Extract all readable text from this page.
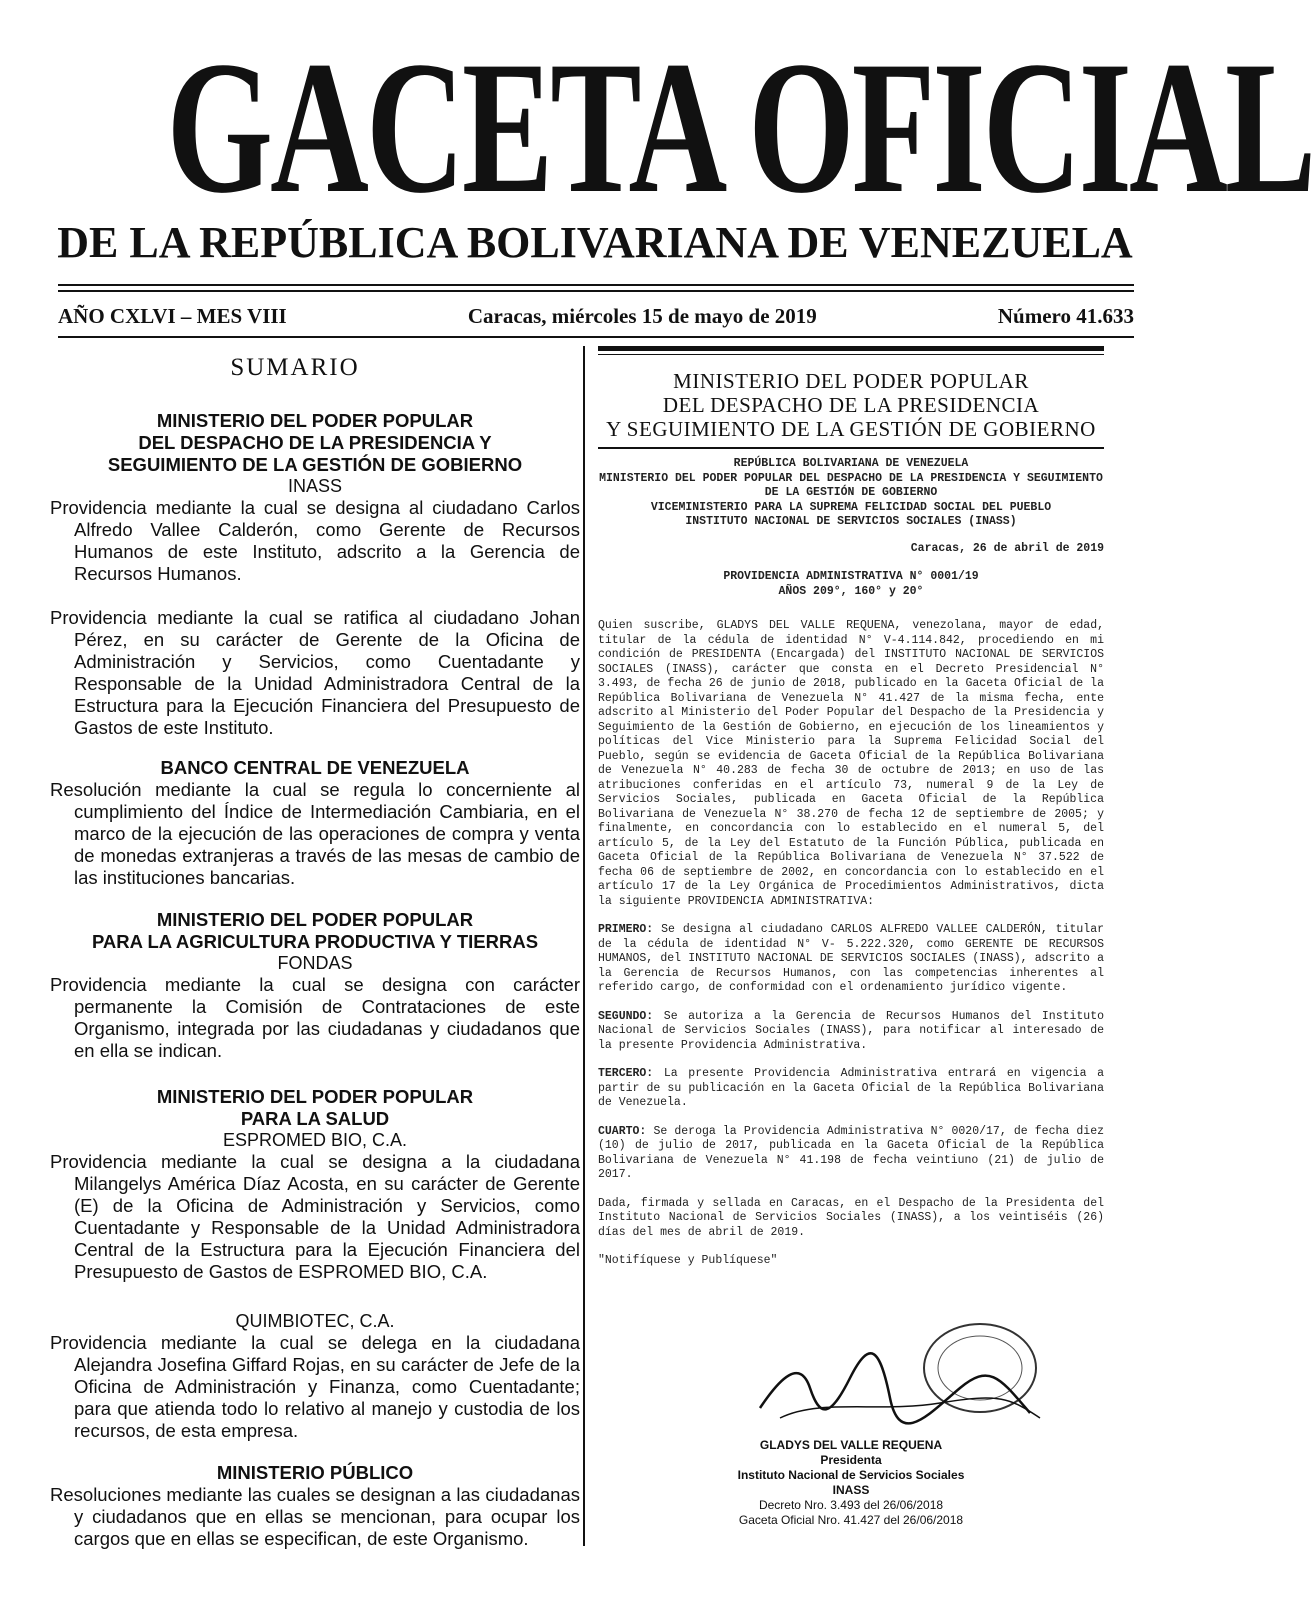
GACETA OFICIAL
DE LA REPÚBLICA BOLIVARIANA DE VENEZUELA
AÑO CXLVI – MES VIII	Caracas, miércoles 15 de mayo de 2019	Número 41.633
SUMARIO
MINISTERIO DEL PODER POPULAR
DEL DESPACHO DE LA PRESIDENCIA Y
SEGUIMIENTO DE LA GESTIÓN DE GOBIERNO
INASS

Providencia mediante la cual se designa al ciudadano Carlos Alfredo Vallee Calderón, como Gerente de Recursos Humanos de este Instituto, adscrito a la Gerencia de Recursos Humanos.

Providencia mediante la cual se ratifica al ciudadano Johan Pérez, en su carácter de Gerente de la Oficina de Administración y Servicios, como Cuentadante y Responsable de la Unidad Administradora Central de la Estructura para la Ejecución Financiera del Presupuesto de Gastos de este Instituto.

BANCO CENTRAL DE VENEZUELA

Resolución mediante la cual se regula lo concerniente al cumplimiento del Índice de Intermediación Cambiaria, en el marco de la ejecución de las operaciones de compra y venta de monedas extranjeras a través de las mesas de cambio de las instituciones bancarias.

MINISTERIO DEL PODER POPULAR
PARA LA AGRICULTURA PRODUCTIVA Y TIERRAS
FONDAS

Providencia mediante la cual se designa con carácter permanente la Comisión de Contrataciones de este Organismo, integrada por las ciudadanas y ciudadanos que en ella se indican.

MINISTERIO DEL PODER POPULAR
PARA LA SALUD
ESPROMED BIO, C.A.

Providencia mediante la cual se designa a la ciudadana Milangelys América Díaz Acosta, en su carácter de Gerente (E) de la Oficina de Administración y Servicios, como Cuentadante y Responsable de la Unidad Administradora Central de la Estructura para la Ejecución Financiera del Presupuesto de Gastos de ESPROMED BIO, C.A.

QUIMBIOTEC, C.A.

Providencia mediante la cual se delega en la ciudadana Alejandra Josefina Giffard Rojas, en su carácter de Jefe de la Oficina de Administración y Finanza, como Cuentadante; para que atienda todo lo relativo al manejo y custodia de los recursos, de esta empresa.

MINISTERIO PÚBLICO

Resoluciones mediante las cuales se designan a las ciudadanas y ciudadanos que en ellas se mencionan, para ocupar los cargos que en ellas se especifican, de este Organismo.

MINISTERIO DEL PODER POPULAR
DEL DESPACHO DE LA PRESIDENCIA
Y SEGUIMIENTO DE LA GESTIÓN DE GOBIERNO
REPÚBLICA BOLIVARIANA DE VENEZUELA
MINISTERIO DEL PODER POPULAR DEL DESPACHO DE LA PRESIDENCIA Y SEGUIMIENTO DE LA GESTIÓN DE GOBIERNO
VICEMINISTERIO PARA LA SUPREMA FELICIDAD SOCIAL DEL PUEBLO
INSTITUTO NACIONAL DE SERVICIOS SOCIALES (INASS)
Caracas, 26 de abril de 2019
PROVIDENCIA ADMINISTRATIVA N° 0001/19
AÑOS 209°, 160° y 20°

Quien suscribe, GLADYS DEL VALLE REQUENA, venezolana, mayor de edad, titular de la cédula de identidad N° V-4.114.842, procediendo en mi condición de PRESIDENTA (Encargada) del INSTITUTO NACIONAL DE SERVICIOS SOCIALES (INASS), carácter que consta en el Decreto Presidencial N° 3.493, de fecha 26 de junio de 2018, publicado en la Gaceta Oficial de la República Bolivariana de Venezuela N° 41.427 de la misma fecha, ente adscrito al Ministerio del Poder Popular del Despacho de la Presidencia y Seguimiento de la Gestión de Gobierno, en ejecución de los lineamientos y políticas del Vice Ministerio para la Suprema Felicidad Social del Pueblo, según se evidencia de Gaceta Oficial de la República Bolivariana de Venezuela N° 40.283 de fecha 30 de octubre de 2013; en uso de las atribuciones conferidas en el artículo 73, numeral 9 de la Ley de Servicios Sociales, publicada en Gaceta Oficial de la República Bolivariana de Venezuela N° 38.270 de fecha 12 de septiembre de 2005; y finalmente, en concordancia con lo establecido en el numeral 5, del artículo 5, de la Ley del Estatuto de la Función Pública, publicada en Gaceta Oficial de la República Bolivariana de Venezuela N° 37.522 de fecha 06 de septiembre de 2002, en concordancia con lo establecido en el artículo 17 de la Ley Orgánica de Procedimientos Administrativos, dicta la siguiente PROVIDENCIA ADMINISTRATIVA:

PRIMERO: Se designa al ciudadano CARLOS ALFREDO VALLEE CALDERÓN, titular de la cédula de identidad N° V- 5.222.320, como GERENTE DE RECURSOS HUMANOS, del INSTITUTO NACIONAL DE SERVICIOS SOCIALES (INASS), adscrito a la Gerencia de Recursos Humanos, con las competencias inherentes al referido cargo, de conformidad con el ordenamiento jurídico vigente.

SEGUNDO: Se autoriza a la Gerencia de Recursos Humanos del Instituto Nacional de Servicios Sociales (INASS), para notificar al interesado de la presente Providencia Administrativa.

TERCERO: La presente Providencia Administrativa entrará en vigencia a partir de su publicación en la Gaceta Oficial de la República Bolivariana de Venezuela.

CUARTO: Se deroga la Providencia Administrativa N° 0020/17, de fecha diez (10) de julio de 2017, publicada en la Gaceta Oficial de la República Bolivariana de Venezuela N° 41.198 de fecha veintiuno (21) de julio de 2017.

Dada, firmada y sellada en Caracas, en el Despacho de la Presidenta del Instituto Nacional de Servicios Sociales (INASS), a los veintiséis (26) días del mes de abril de 2019.

"Notifíquese y Publíquese"

GLADYS DEL VALLE REQUENA
Presidenta
Instituto Nacional de Servicios Sociales
INASS
Decreto Nro. 3.493 del 26/06/2018
Gaceta Oficial Nro. 41.427 del 26/06/2018
